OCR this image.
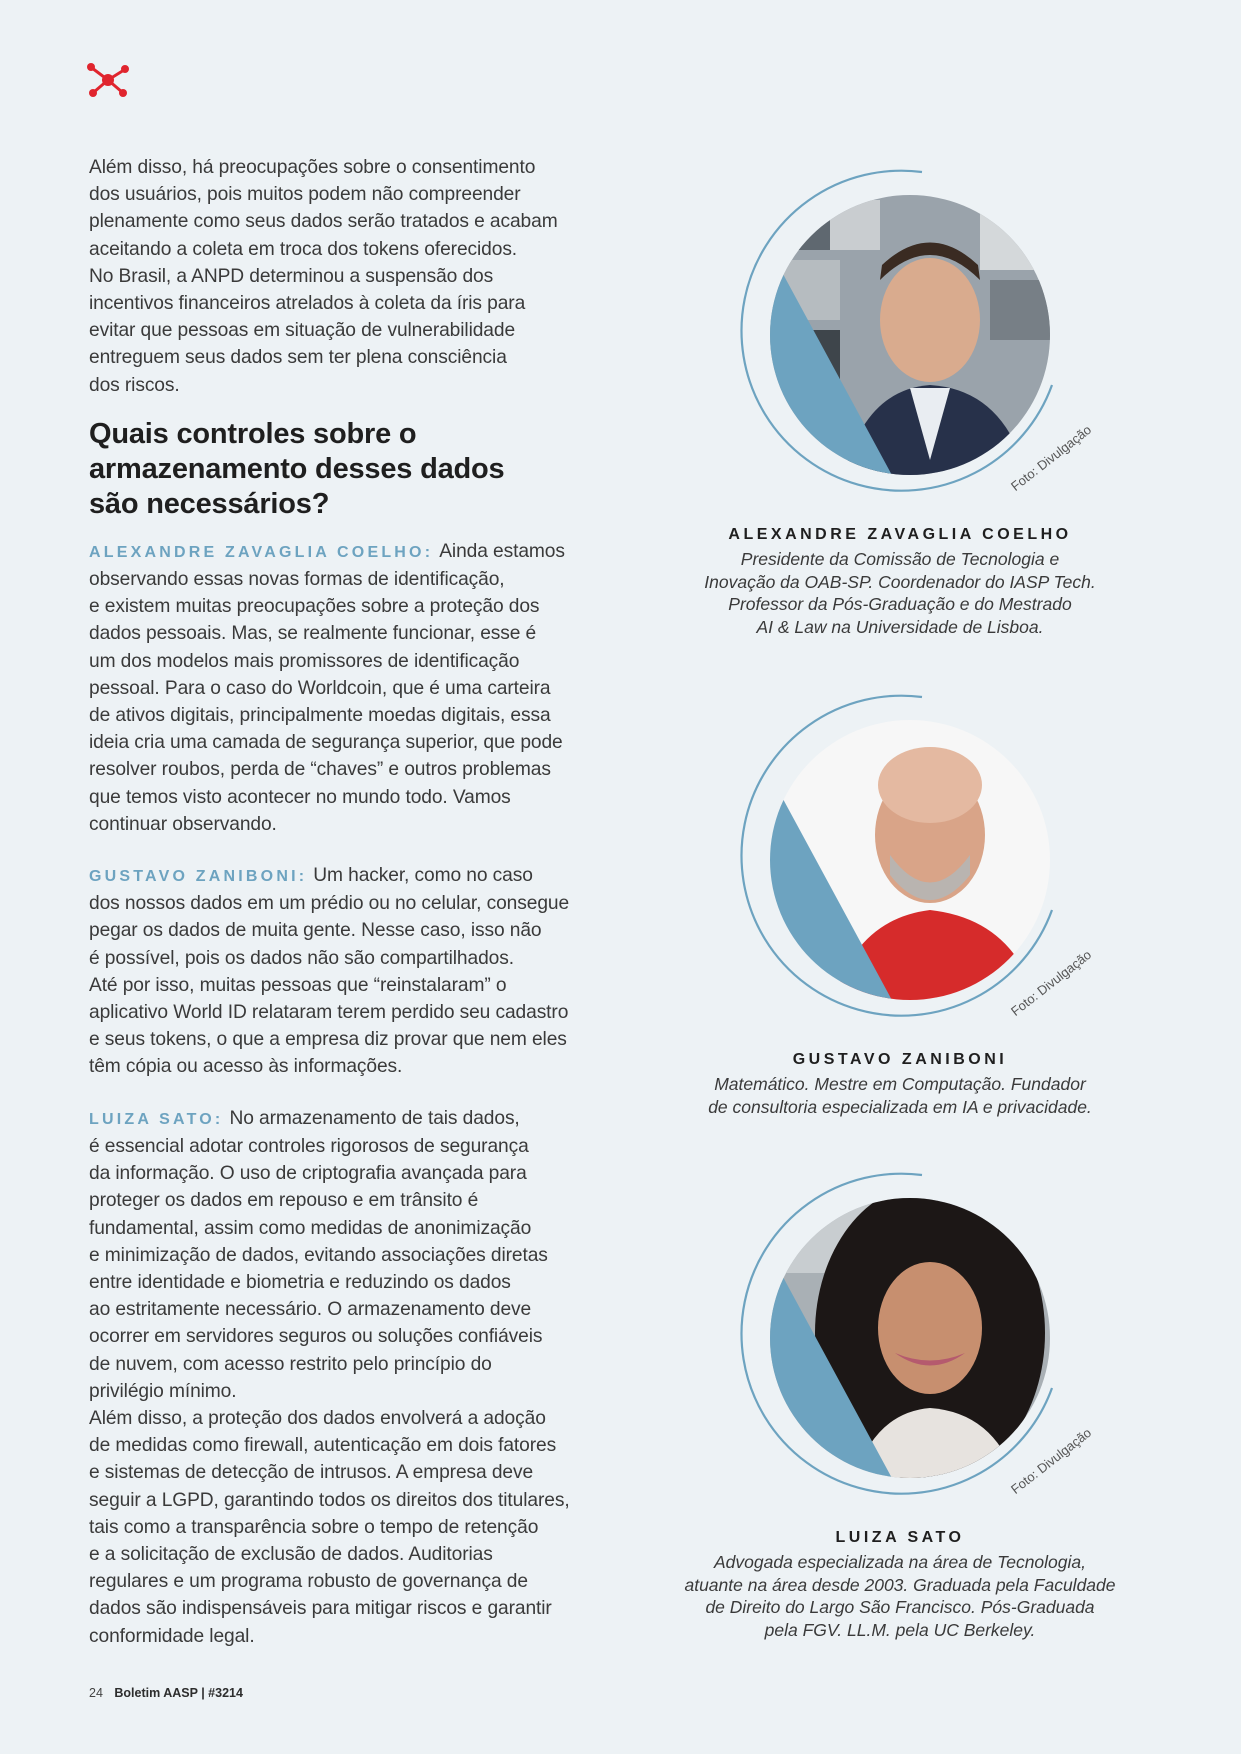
Além disso, há preocupações sobre o consentimento
dos usuários, pois muitos podem não compreender
plenamente como seus dados serão tratados e acabam
aceitando a coleta em troca dos tokens oferecidos.
No Brasil, a ANPD determinou a suspensão dos
incentivos financeiros atrelados à coleta da íris para
evitar que pessoas em situação de vulnerabilidade
entreguem seus dados sem ter plena consciência
dos riscos.

Quais controles sobre o
armazenamento desses dados
são necessários?

ALEXANDRE ZAVAGLIA COELHO: Ainda estamos
observando essas novas formas de identificação,
e existem muitas preocupações sobre a proteção dos
dados pessoais. Mas, se realmente funcionar, esse é
um dos modelos mais promissores de identificação
pessoal. Para o caso do Worldcoin, que é uma carteira
de ativos digitais, principalmente moedas digitais, essa
ideia cria uma camada de segurança superior, que pode
resolver roubos, perda de “chaves” e outros problemas
que temos visto acontecer no mundo todo. Vamos
continuar observando.

GUSTAVO ZANIBONI: Um hacker, como no caso
dos nossos dados em um prédio ou no celular, consegue
pegar os dados de muita gente. Nesse caso, isso não
é possível, pois os dados não são compartilhados.
Até por isso, muitas pessoas que “reinstalaram” o
aplicativo World ID relataram terem perdido seu cadastro
e seus tokens, o que a empresa diz provar que nem eles
têm cópia ou acesso às informações.

LUIZA SATO: No armazenamento de tais dados,
é essencial adotar controles rigorosos de segurança
da informação. O uso de criptografia avançada para
proteger os dados em repouso e em trânsito é
fundamental, assim como medidas de anonimização
e minimização de dados, evitando associações diretas
entre identidade e biometria e reduzindo os dados
ao estritamente necessário. O armazenamento deve
ocorrer em servidores seguros ou soluções confiáveis
de nuvem, com acesso restrito pelo princípio do
privilégio mínimo.
Além disso, a proteção dos dados envolverá a adoção
de medidas como firewall, autenticação em dois fatores
e sistemas de detecção de intrusos. A empresa deve
seguir a LGPD, garantindo todos os direitos dos titulares,
tais como a transparência sobre o tempo de retenção
e a solicitação de exclusão de dados. Auditorias
regulares e um programa robusto de governança de
dados são indispensáveis para mitigar riscos e garantir
conformidade legal.

Foto: Divulgação
ALEXANDRE ZAVAGLIA COELHO
Presidente da Comissão de Tecnologia e
Inovação da OAB-SP. Coordenador do IASP Tech.
Professor da Pós-Graduação e do Mestrado
AI & Law na Universidade de Lisboa.
Foto: Divulgação
GUSTAVO ZANIBONI
Matemático. Mestre em Computação. Fundador
de consultoria especializada em IA e privacidade.
Foto: Divulgação
LUIZA SATO
Advogada especializada na área de Tecnologia,
atuante na área desde 2003. Graduada pela Faculdade
de Direito do Largo São Francisco. Pós-Graduada
pela FGV. LL.M. pela UC Berkeley.
24 Boletim AASP | #3214
